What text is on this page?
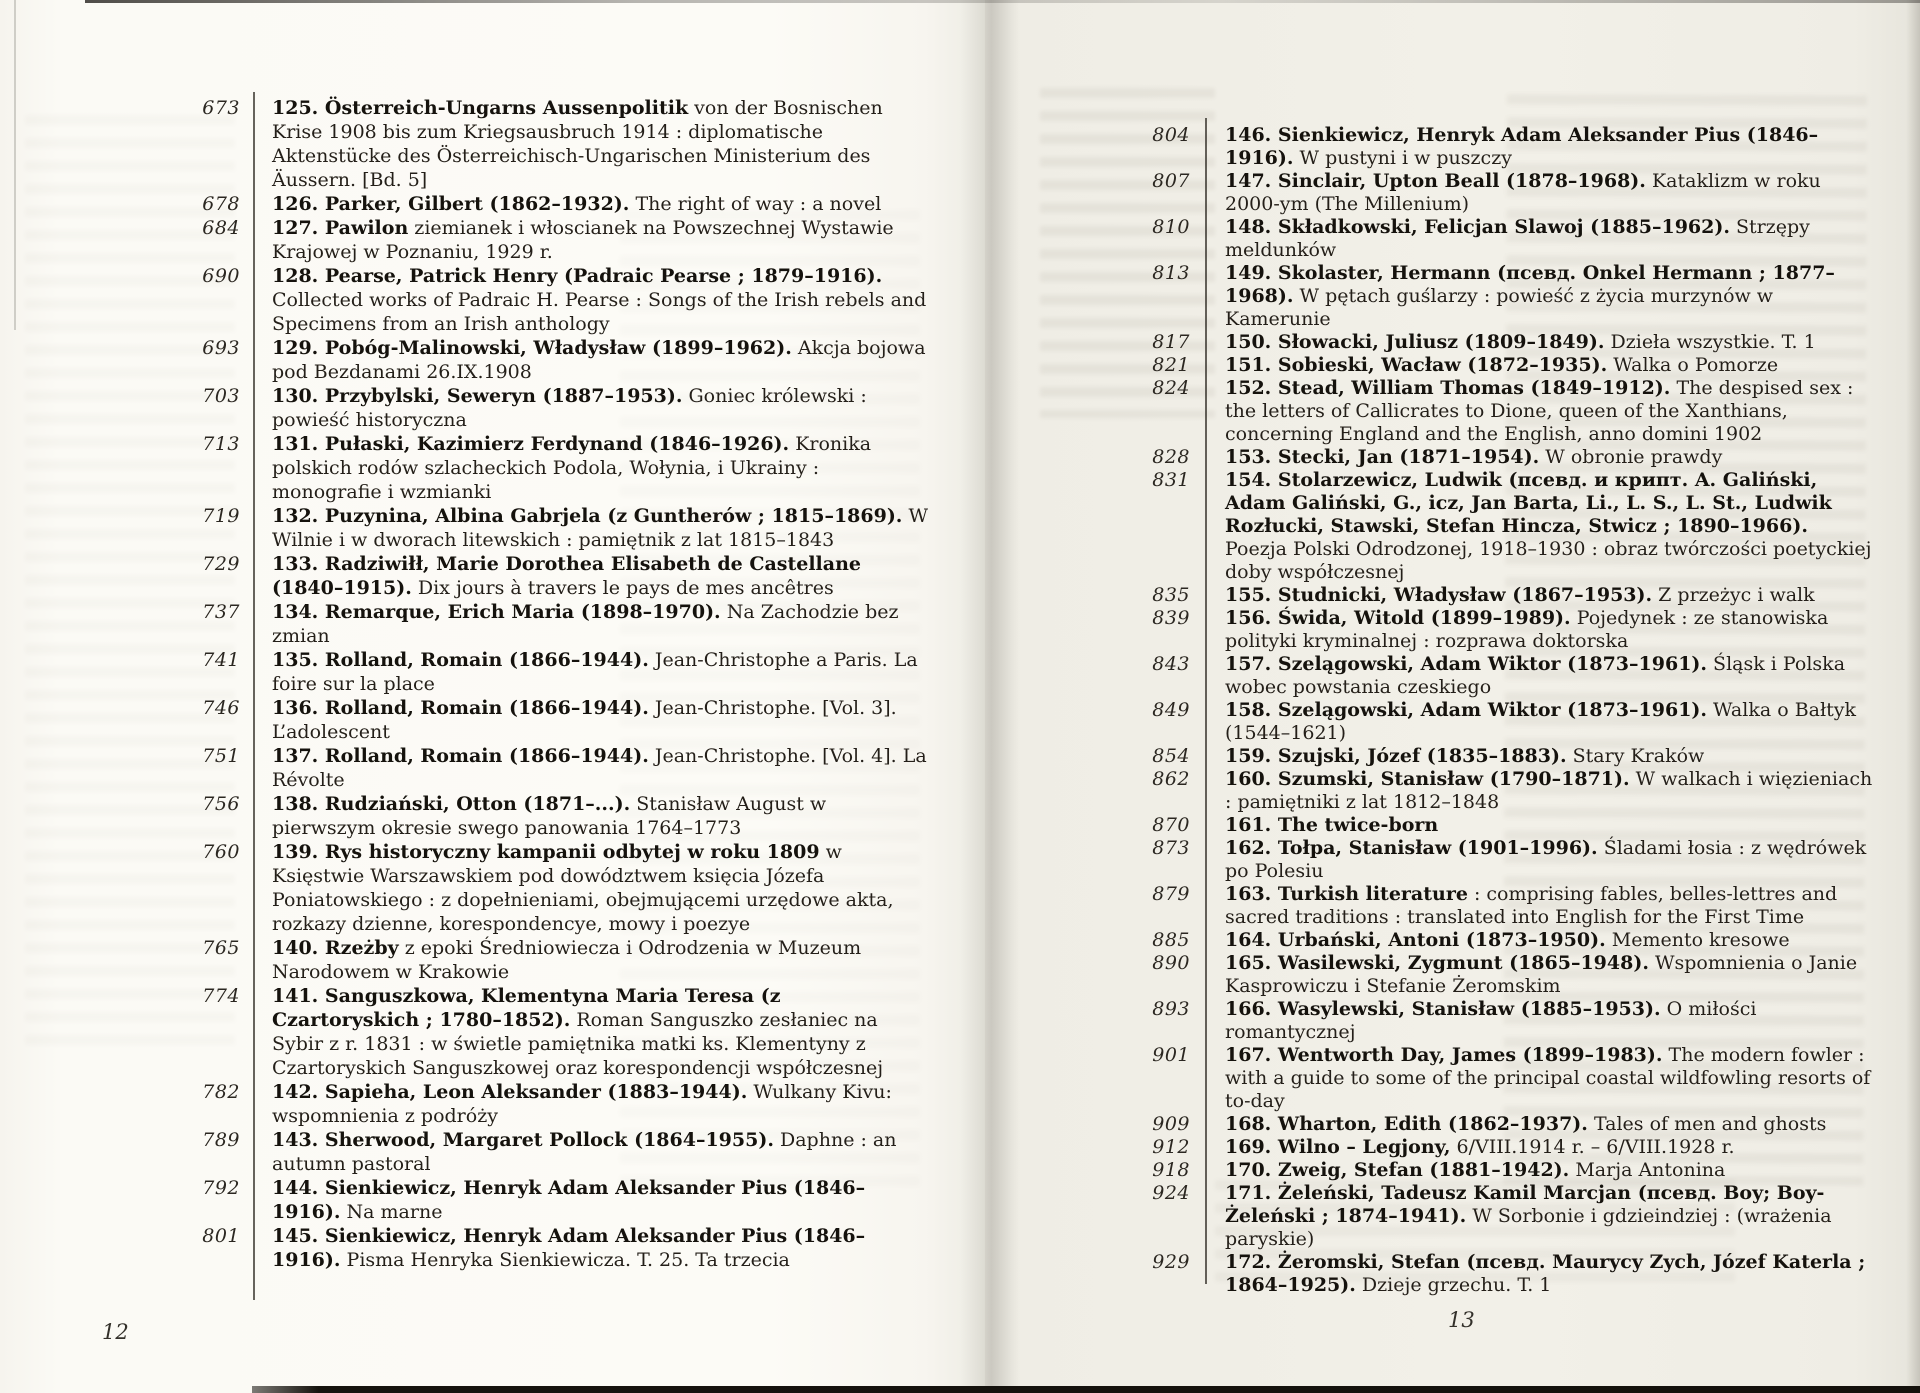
673 125. Österreich-Ungarns Aussenpolitik von der Bosnischen Krise 1908 bis zum Kriegsausbruch 1914 : diplomatische Aktenstücke des Österreichisch-Ungarischen Ministerium des Äussern. [Bd. 5]
678 126. Parker, Gilbert (1862–1932). The right of way : a novel
684 127. Pawilon ziemianek i włoscianek na Powszechnej Wystawie Krajowej w Poznaniu, 1929 r.
690 128. Pearse, Patrick Henry (Padraic Pearse ; 1879–1916). Collected works of Padraic H. Pearse : Songs of the Irish rebels and Specimens from an Irish anthology
693 129. Pobóg-Malinowski, Władysław (1899–1962). Akcja bojowa pod Bezdanami 26.IX.1908
703 130. Przybylski, Seweryn (1887–1953). Goniec królewski : powieść historyczna
713 131. Pułaski, Kazimierz Ferdynand (1846–1926). Kronika polskich rodów szlacheckich Podola, Wołynia, i Ukrainy : monografie i wzmianki
719 132. Puzynina, Albina Gabrjela (z Guntherów ; 1815–1869). W Wilnie i w dworach litewskich : pamiętnik z lat 1815–1843
729 133. Radziwiłł, Marie Dorothea Elisabeth de Castellane (1840–1915). Dix jours à travers le pays de mes ancêtres
737 134. Remarque, Erich Maria (1898–1970). Na Zachodzie bez zmian
741 135. Rolland, Romain (1866–1944). Jean-Christophe a Paris. La foire sur la place
746 136. Rolland, Romain (1866–1944). Jean-Christophe. [Vol. 3]. L’adolescent
751 137. Rolland, Romain (1866–1944). Jean-Christophe. [Vol. 4]. La Révolte
756 138. Rudziański, Otton (1871–...). Stanisław August w pierwszym okresie swego panowania 1764–1773
760 139. Rys historyczny kampanii odbytej w roku 1809 w Księstwie Warszawskiem pod dowództwem księcia Józefa Poniatowskiego : z dopełnieniami, obejmującemi urzędowe akta, rozkazy dzienne, korespondencye, mowy i poezye
765 140. Rzeżby z epoki Średniowiecza i Odrodzenia w Muzeum Narodowem w Krakowie
774 141. Sanguszkowa, Klementyna Maria Teresa (z Czartoryskich ; 1780–1852). Roman Sanguszko zesłaniec na Sybir z r. 1831 : w świetle pamiętnika matki ks. Klementyny z Czartoryskich Sanguszkowej oraz korespondencji współczesnej
782 142. Sapieha, Leon Aleksander (1883–1944). Wulkany Kivu: wspomnienia z podróży
789 143. Sherwood, Margaret Pollock (1864–1955). Daphne : an autumn pastoral
792 144. Sienkiewicz, Henryk Adam Aleksander Pius (1846–1916). Na marne
801 145. Sienkiewicz, Henryk Adam Aleksander Pius (1846–1916). Pisma Henryka Sienkiewicza. T. 25. Ta trzecia
12
804 146. Sienkiewicz, Henryk Adam Aleksander Pius (1846–1916). W pustyni i w puszczy
807 147. Sinclair, Upton Beall (1878–1968). Kataklizm w roku 2000-ym (The Millenium)
810 148. Składkowski, Felicjan Slawoj (1885–1962). Strzępy meldunków
813 149. Skolaster, Hermann (псевд. Onkel Hermann ; 1877–1968). W pętach guślarzy : powieść z życia murzynów w Kamerunie
817 150. Słowacki, Juliusz (1809–1849). Dzieła wszystkie. T. 1
821 151. Sobieski, Wacław (1872–1935). Walka o Pomorze
824 152. Stead, William Thomas (1849–1912). The despised sex : the letters of Callicrates to Dione, queen of the Xanthians, concerning England and the English, anno domini 1902
828 153. Stecki, Jan (1871–1954). W obronie prawdy
831 154. Stolarzewicz, Ludwik (псевд. и крипт. A. Galiński, Adam Galiński, G., icz, Jan Barta, Li., L. S., L. St., Ludwik Rozłucki, Stawski, Stefan Hincza, Stwicz ; 1890–1966). Poezja Polski Odrodzonej, 1918–1930 : obraz twórczości poetyckiej doby współczesnej
835 155. Studnicki, Władysław (1867–1953). Z przeżyc i walk
839 156. Świda, Witold (1899–1989). Pojedynek : ze stanowiska polityki kryminalnej : rozprawa doktorska
843 157. Szelągowski, Adam Wiktor (1873–1961). Śląsk i Polska wobec powstania czeskiego
849 158. Szelągowski, Adam Wiktor (1873–1961). Walka o Bałtyk (1544–1621)
854 159. Szujski, Józef (1835–1883). Stary Kraków
862 160. Szumski, Stanisław (1790–1871). W walkach i więzieniach : pamiętniki z lat 1812–1848
870 161. The twice-born
873 162. Tołpa, Stanisław (1901–1996). Śladami łosia : z wędrówek po Polesiu
879 163. Turkish literature : comprising fables, belles-lettres and sacred traditions : translated into English for the First Time
885 164. Urbański, Antoni (1873–1950). Memento kresowe
890 165. Wasilewski, Zygmunt (1865–1948). Wspomnienia o Janie Kasprowiczu i Stefanie Żeromskim
893 166. Wasylewski, Stanisław (1885–1953). O miłości romantycznej
901 167. Wentworth Day, James (1899–1983). The modern fowler : with a guide to some of the principal coastal wildfowling resorts of to-day
909 168. Wharton, Edith (1862–1937). Tales of men and ghosts
912 169. Wilno – Legjony, 6/VIII.1914 r. – 6/VIII.1928 r.
918 170. Zweig, Stefan (1881–1942). Marja Antonina
924 171. Żeleński, Tadeusz Kamil Marcjan (псевд. Boy; Boy-Żeleński ; 1874–1941). W Sorbonie i gdzieindziej : (wrażenia paryskie)
929 172. Żeromski, Stefan (псевд. Maurycy Zych, Józef Katerla ; 1864–1925). Dzieje grzechu. T. 1
13
